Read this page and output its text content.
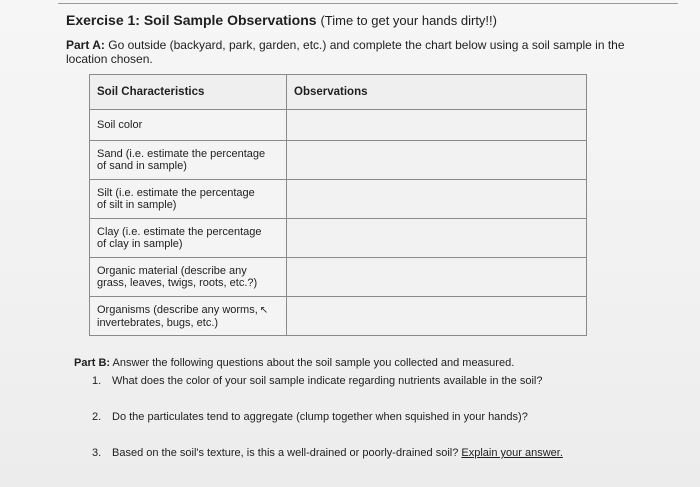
Exercise 1: Soil Sample Observations (Time to get your hands dirty!!)
Part A: Go outside (backyard, park, garden, etc.) and complete the chart below using a soil sample in the location chosen.
Soil Characteristics	Observations
Soil color	
Sand (i.e. estimate the percentage
of sand in sample)	
Silt (i.e. estimate the percentage
of silt in sample)	
Clay (i.e. estimate the percentage
of clay in sample)	
Organic material (describe any
grass, leaves, twigs, roots, etc.?)	
Organisms (describe any worms, ↖
invertebrates, bugs, etc.)	
Part B: Answer the following questions about the soil sample you collected and measured.
1. What does the color of your soil sample indicate regarding nutrients available in the soil?
2. Do the particulates tend to aggregate (clump together when squished in your hands)?
3. Based on the soil's texture, is this a well-drained or poorly-drained soil? Explain your answer.
